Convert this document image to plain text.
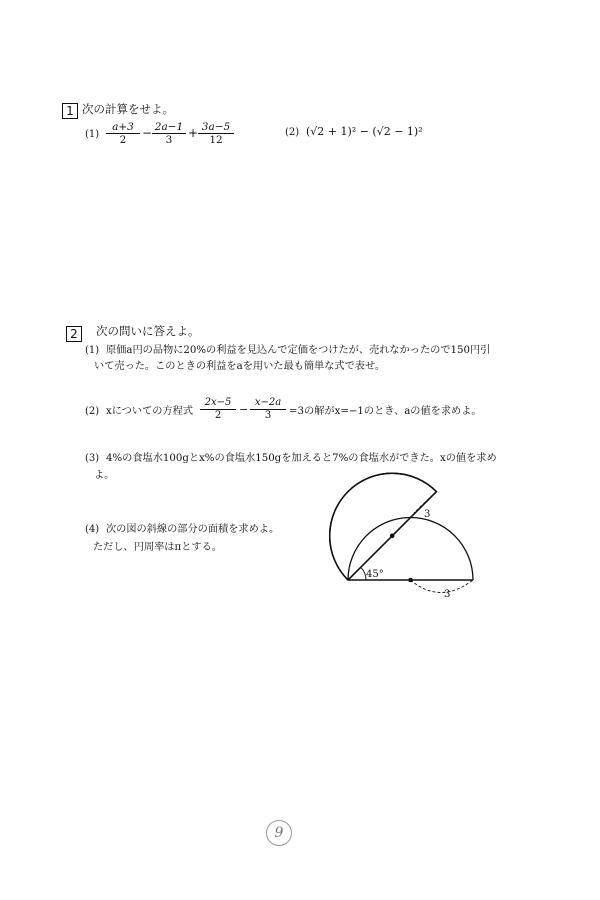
1 次の計算をせよ。
$(1) \frac{a+3}{2} - \frac{2a-1}{3} + \frac{3a-5}{12}$	(2) (√2 + 1)² − (√2 − 1)²
2	次の問いに答えよ。
(1) 原価a円の品物に20%の利益を見込んで定価をつけたが、売れなかったので150円引
いて売った。このときの利益をaを用いた最も簡単な式で表せ。
(2) xについての方程式 $\frac{2x-5}{2} - \frac{x-2a}{3} =3$の解がx=−1のとき、aの値を求めよ。
(3) 4%の食塩水100gとx%の食塩水150gを加えると7%の食塩水ができた。xの値を求め
よ。
(4) 次の図の斜線の部分の面積を求めよ。
ただし、円周率はπとする。
45°
3
3
9
